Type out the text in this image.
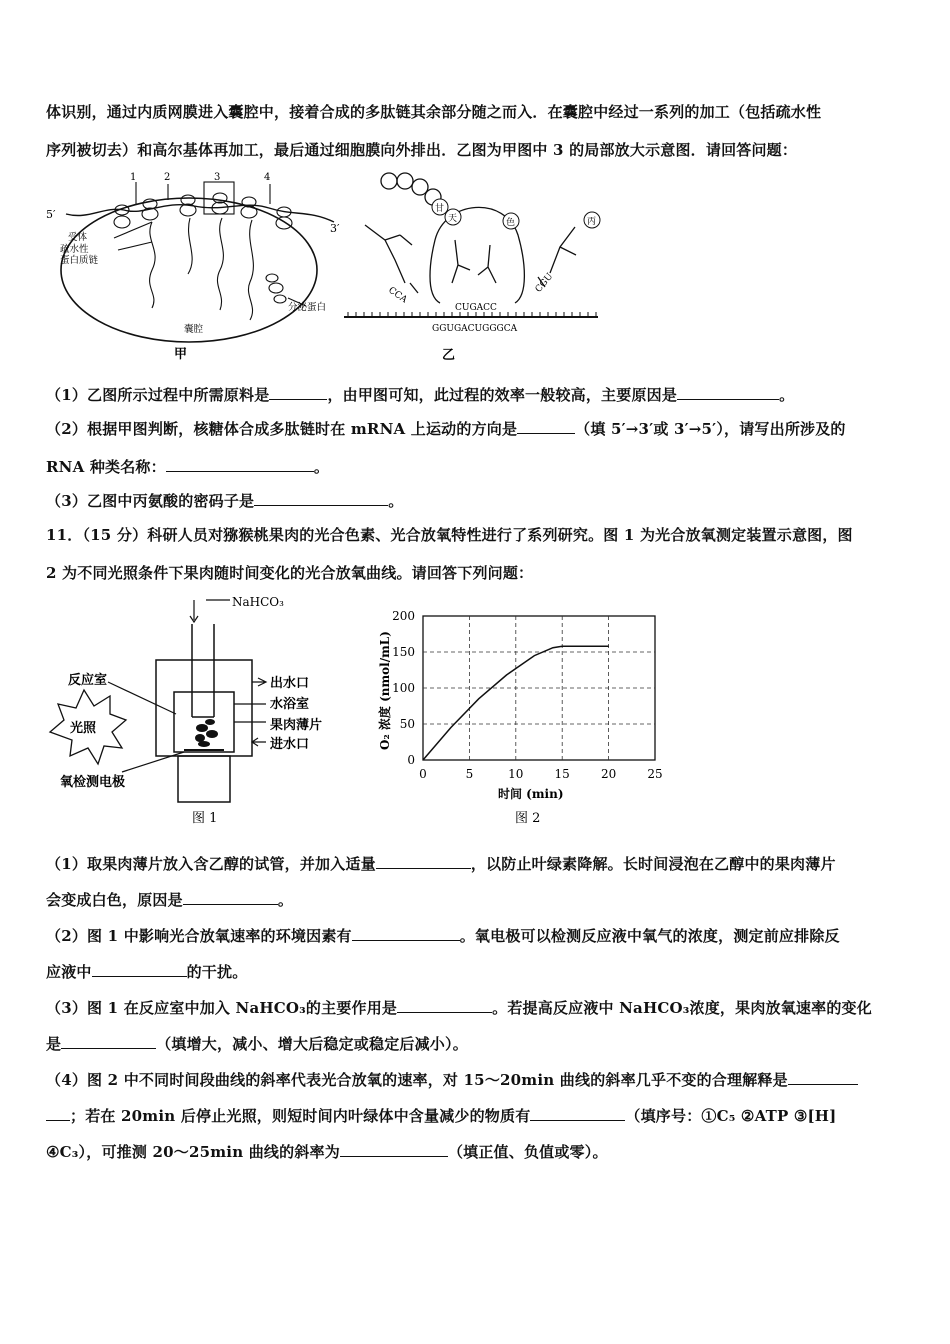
体识别，通过内质网膜进入囊腔中，接着合成的多肽链其余部分随之而入．在囊腔中经过一系列的加工（包括疏水性
序列被切去）和高尔基体再加工，最后通过细胞膜向外排出．乙图为甲图中 3 的局部放大示意图．请回答问题：
5′
3′
1	2	3	4
受体
疏水性
蛋白质链
分泌蛋白
囊腔
甲
甘
天	色	丙
CCA
CUGACC
CGU
GGUGACUGGGCA
乙
（1）乙图所示过程中所需原料是	，由甲图可知，此过程的效率一般较高，主要原因是	。
（2）根据甲图判断，核糖体合成多肽链时在 mRNA 上运动的方向是	（填 5′→3′或 3′→5′），请写出所涉及的
RNA 种类名称：	。
（3）乙图中丙氨酸的密码子是	。
11．（15 分）科研人员对猕猴桃果肉的光合色素、光合放氧特性进行了系列研究。图 1 为光合放氧测定装置示意图，图
2 为不同光照条件下果肉随时间变化的光合放氧曲线。请回答下列问题：
NaHCO₃
反应室
光照
氧检测电极
出水口
水浴室
果肉薄片
进水口
图 1
0
50
100
150
200
0	5	10	15	20	25
时间 (min)
O₂ 浓度 (nmol/mL)
图 2
（1）取果肉薄片放入含乙醇的试管，并加入适量	，以防止叶绿素降解。长时间浸泡在乙醇中的果肉薄片
会变成白色，原因是	。
（2）图 1 中影响光合放氧速率的环境因素有	。氧电极可以检测反应液中氧气的浓度，测定前应排除反
应液中	的干扰。
（3）图 1 在反应室中加入 NaHCO₃的主要作用是	。若提高反应液中 NaHCO₃浓度，果肉放氧速率的变化
是	（填增大，减小、增大后稳定或稳定后减小）。
（4）图 2 中不同时间段曲线的斜率代表光合放氧的速率，对 15～20min 曲线的斜率几乎不变的合理解释是
；若在 20min 后停止光照，则短时间内叶绿体中含量减少的物质有	（填序号：①C₅ ②ATP ③[H]
④C₃），可推测 20～25min 曲线的斜率为	（填正值、负值或零）。
